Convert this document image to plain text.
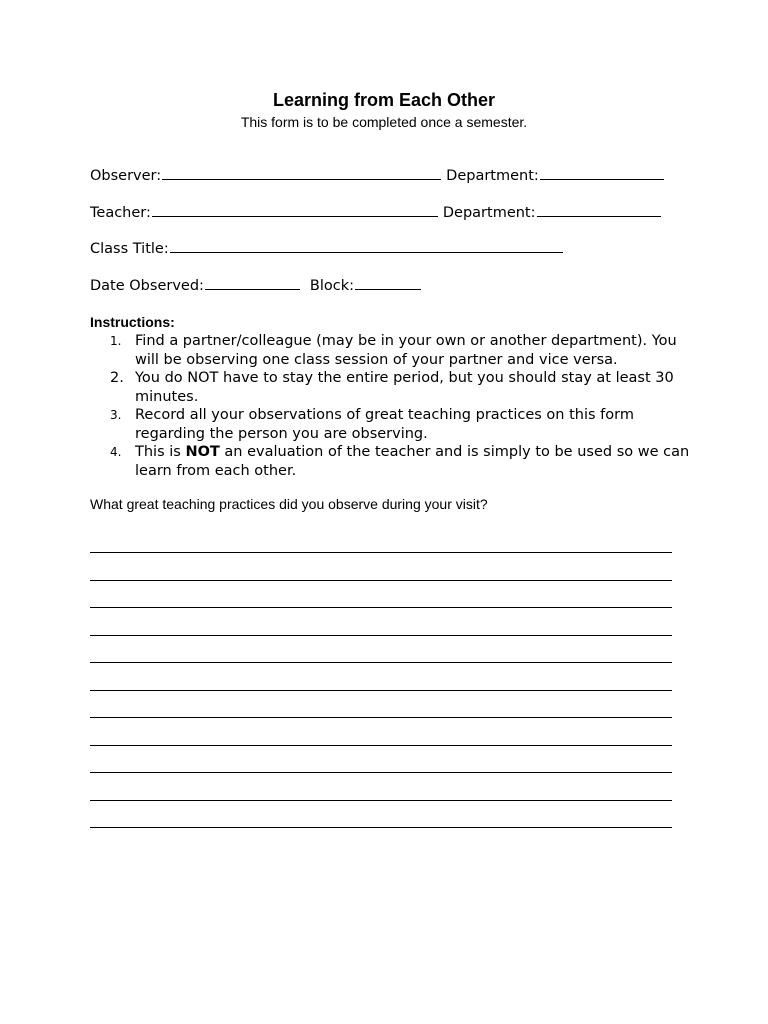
Learning from Each Other
This form is to be completed once a semester.
Observer:	Department:
Teacher:	Department:
Class Title:
Date Observed:	Block:
Instructions:
1. Find a partner/colleague (may be in your own or another department). You will be observing one class session of your partner and vice versa.
2. You do NOT have to stay the entire period, but you should stay at least 30 minutes.
3. Record all your observations of great teaching practices on this form regarding the person you are observing.
4. This is NOT an evaluation of the teacher and is simply to be used so we can learn from each other.
What great teaching practices did you observe during your visit?
